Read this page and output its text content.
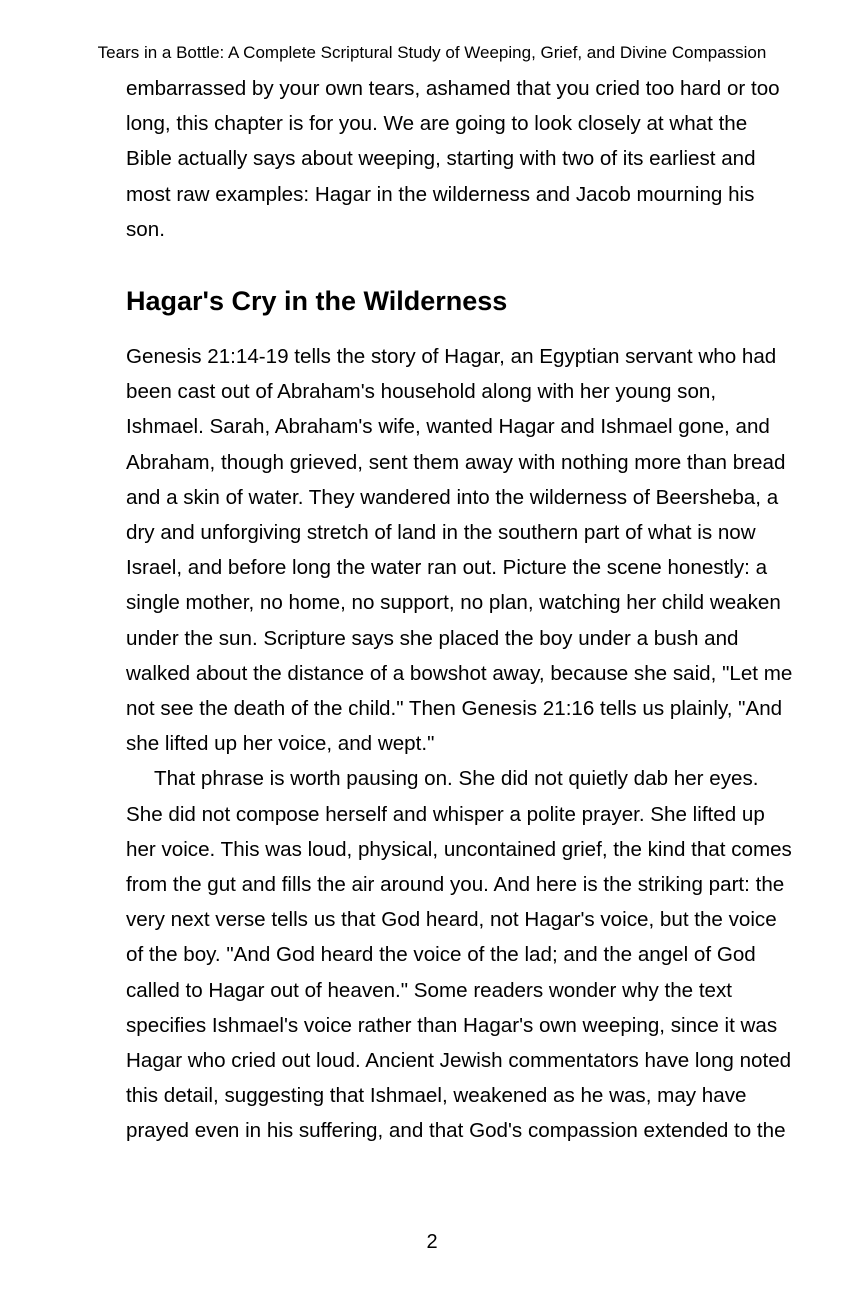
Tears in a Bottle: A Complete Scriptural Study of Weeping, Grief, and Divine Compassion

embarrassed by your own tears, ashamed that you cried too hard or too long, this chapter is for you. We are going to look closely at what the Bible actually says about weeping, starting with two of its earliest and most raw examples: Hagar in the wilderness and Jacob mourning his son.

Hagar's Cry in the Wilderness

Genesis 21:14-19 tells the story of Hagar, an Egyptian servant who had been cast out of Abraham's household along with her young son, Ishmael. Sarah, Abraham's wife, wanted Hagar and Ishmael gone, and Abraham, though grieved, sent them away with nothing more than bread and a skin of water. They wandered into the wilderness of Beersheba, a dry and unforgiving stretch of land in the southern part of what is now Israel, and before long the water ran out. Picture the scene honestly: a single mother, no home, no support, no plan, watching her child weaken under the sun. Scripture says she placed the boy under a bush and walked about the distance of a bowshot away, because she said, "Let me not see the death of the child." Then Genesis 21:16 tells us plainly, "And she lifted up her voice, and wept."

That phrase is worth pausing on. She did not quietly dab her eyes. She did not compose herself and whisper a polite prayer. She lifted up her voice. This was loud, physical, uncontained grief, the kind that comes from the gut and fills the air around you. And here is the striking part: the very next verse tells us that God heard, not Hagar's voice, but the voice of the boy. "And God heard the voice of the lad; and the angel of God called to Hagar out of heaven." Some readers wonder why the text specifies Ishmael's voice rather than Hagar's own weeping, since it was Hagar who cried out loud. Ancient Jewish commentators have long noted this detail, suggesting that Ishmael, weakened as he was, may have prayed even in his suffering, and that God's compassion extended to the

2
